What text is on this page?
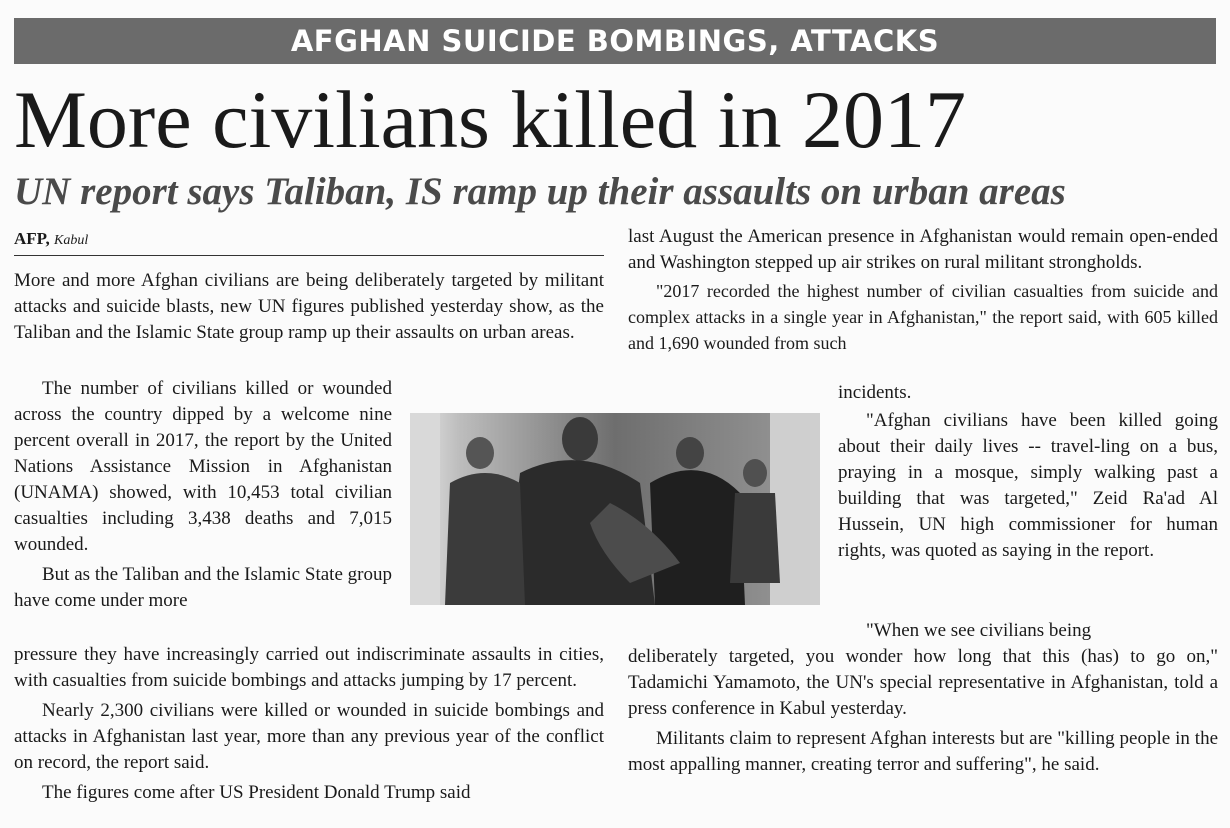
AFGHAN SUICIDE BOMBINGS, ATTACKS
More civilians killed in 2017
UN report says Taliban, IS ramp up their assaults on urban areas
AFP, Kabul

More and more Afghan civilians are being deliberately targeted by militant attacks and suicide blasts, new UN figures published yesterday show, as the Taliban and the Islamic State group ramp up their assaults on urban areas.

The number of civilians killed or wounded across the country dipped by a welcome nine percent overall in 2017, the report by the United Nations Assistance Mission in Afghanistan (UNAMA) showed, with 10,453 total civilian casualties including 3,438 deaths and 7,015 wounded.

But as the Taliban and the Islamic State group have come under more

pressure they have increasingly carried out indiscriminate assaults in cities, with casualties from suicide bombings and attacks jumping by 17 percent.

Nearly 2,300 civilians were killed or wounded in suicide bombings and attacks in Afghanistan last year, more than any previous year of the conflict on record, the report said.

The figures come after US President Donald Trump said

last August the American presence in Afghanistan would remain open-ended and Washington stepped up air strikes on rural militant strongholds.

"2017 recorded the highest number of civilian casualties from suicide and complex attacks in a single year in Afghanistan," the report said, with 605 killed and 1,690 wounded from such

incidents.

"Afghan civilians have been killed going about their daily lives -- travel-ling on a bus, praying in a mosque, simply walking past a building that was targeted," Zeid Ra'ad Al Hussein, UN high commissioner for human rights, was quoted as saying in the report.

"When we see civilians being

deliberately targeted, you wonder how long that this (has) to go on," Tadamichi Yamamoto, the UN's special representative in Afghanistan, told a press conference in Kabul yesterday.

Militants claim to represent Afghan interests but are "killing people in the most appalling manner, creating terror and suffering", he said.
